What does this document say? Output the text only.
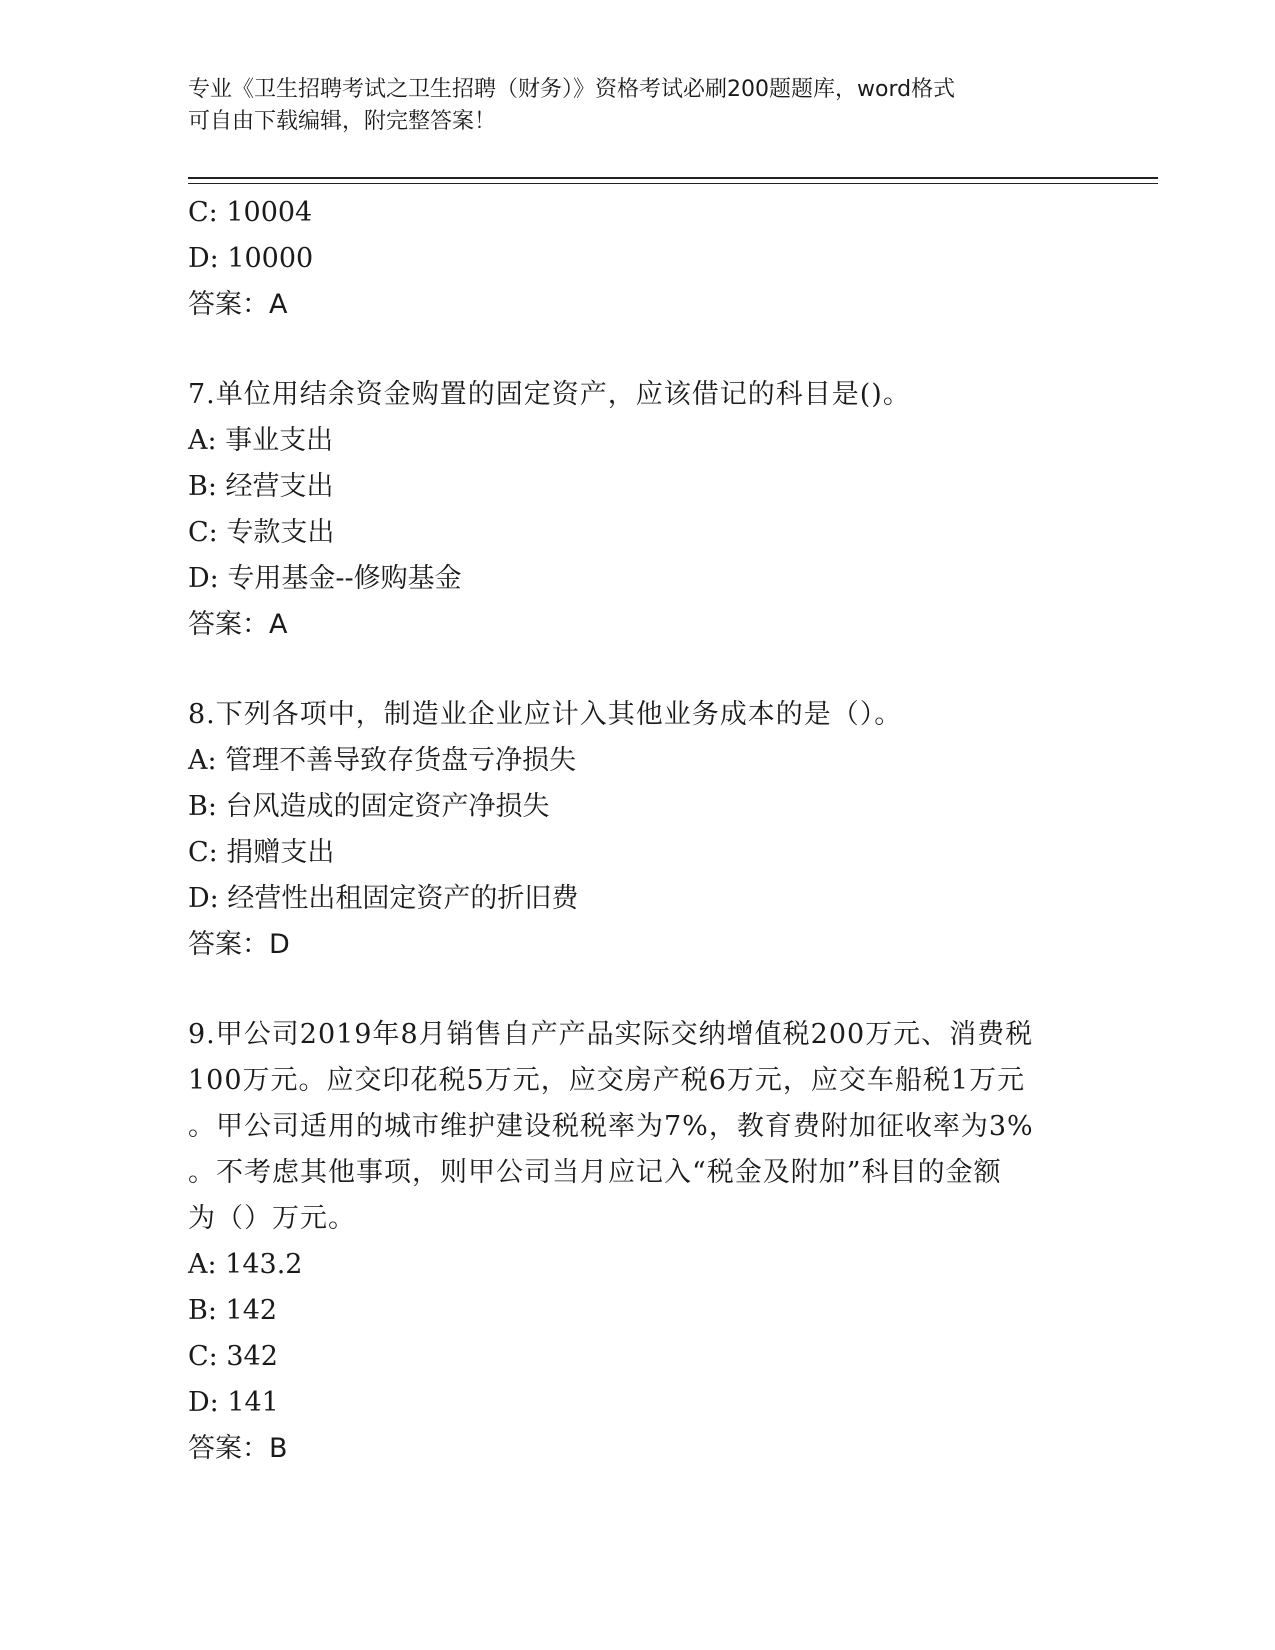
专业《卫生招聘考试之卫生招聘（财务）》资格考试必刷200题题库，word格式
可自由下载编辑，附完整答案！
C: 10004
D: 10000
答案：A
7.单位用结余资金购置的固定资产，应该借记的科目是()。
A: 事业支出
B: 经营支出
C: 专款支出
D: 专用基金--修购基金
答案：A
8.下列各项中，制造业企业应计入其他业务成本的是（）。
A: 管理不善导致存货盘亏净损失
B: 台风造成的固定资产净损失
C: 捐赠支出
D: 经营性出租固定资产的折旧费
答案：D
9.甲公司2019年8月销售自产产品实际交纳增值税200万元、消费税
100万元。应交印花税5万元，应交房产税6万元，应交车船税1万元
。甲公司适用的城市维护建设税税率为7%，教育费附加征收率为3%
。不考虑其他事项，则甲公司当月应记入“税金及附加”科目的金额
为（）万元。
A: 143.2
B: 142
C: 342
D: 141
答案：B
